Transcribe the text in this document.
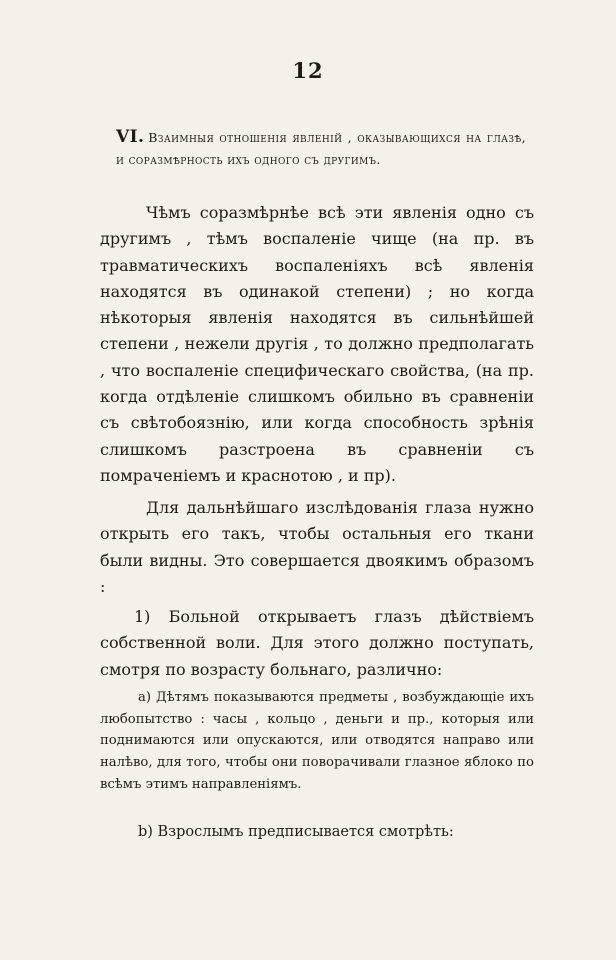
12
VI. Взаимныя отношенія явленій , оказывающихся на глазѣ, и соразмѣрность ихъ одного съ другимъ.

Чѣмъ соразмѣрнѣе всѣ эти явленія одно съ другимъ , тѣмъ воспаленіе чище (на пр. въ травматическихъ воспаленіяхъ всѣ явленія находятся въ одинакой степени) ; но когда нѣкоторыя явленія находятся въ сильнѣйшей степени , нежели другія , то должно предполагать , что воспаленіе специфическаго свойства, (на пр. когда отдѣленіе слишкомъ обильно въ сравненіи съ свѣтобоязнію, или когда способность зрѣнія слишкомъ разстроена въ сравненіи съ помраченіемъ и краснотою , и пр).

Для дальнѣйшаго изслѣдованія глаза нужно открыть его такъ, чтобы остальныя его ткани были видны. Это совершается двоякимъ образомъ :

1) Больной открываетъ глазъ дѣйствіемъ собственной воли. Для этого должно поступать, смотря по возрасту больнаго, различно:

a) Дѣтямъ показываются предметы , возбуждающіе ихъ любопытство : часы , кольцо , деньги и пр., которыя или поднимаются или опускаются, или отводятся направо или налѣво, для того, чтобы они поворачивали глазное яблоко по всѣмъ этимъ направленіямъ.

b) Взрослымъ предписывается смотрѣть:
